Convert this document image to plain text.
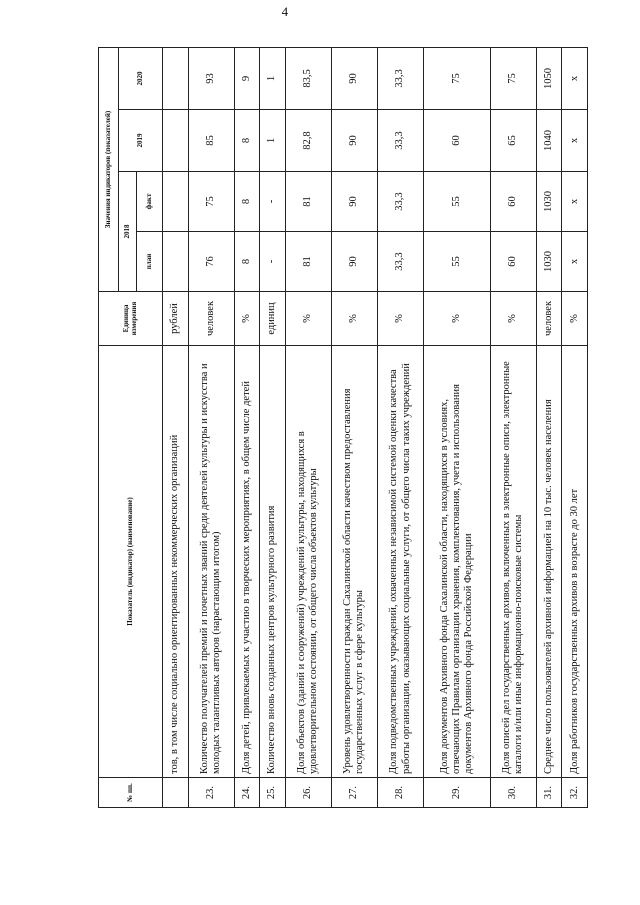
4
№ пп.	Показатель (индикатор) (наименование)	Единица измерения	Значения индикаторов (показателей)			
			2018		2019	2020
			план	факт		
	тов, в том числе социально ориентированных некоммерческих организаций	рублей				
23.	Количество получателей премий и почетных званий среди деятелей культуры и искусства и молодых талантливых авторов (нарастающим итогом)	человек	76	75	85	93
24.	Доля детей, привлекаемых к участию в творческих мероприятиях, в общем числе детей	%	8	8	8	9
25.	Количество вновь созданных центров культурного развития	единиц	-	-	1	1
26.	Доля объектов (зданий и сооружений) учреждений культуры, находящихся в удовлетворительном состоянии, от общего числа объектов культуры	%	81	81	82,8	83,5
27.	Уровень удовлетворенности граждан Сахалинской области качеством предоставления государственных услуг в сфере культуры	%	90	90	90	90
28.	Доля подведомственных учреждений, охваченных независимой системой оценки качества работы организации, оказывающих социальные услуги, от общего числа таких учреждений	%	33,3	33,3	33,3	33,3
29.	Доля документов Архивного фонда Сахалинской области, находящихся в условиях, отвечающих Правилам организации хранения, комплектования, учета и использования документов Архивного фонда Российской Федерации	%	55	55	60	75
30.	Доля описей дел государственных архивов, включенных в электронные описи, электронные каталоги и/или иные информационно-поисковые системы	%	60	60	65	75
31.	Среднее число пользователей архивной информацией на 10 тыс. человек населения	человек	1030	1030	1040	1050
32.	Доля работников государственных архивов в возрасте до 30 лет	%	x	x	x	x
